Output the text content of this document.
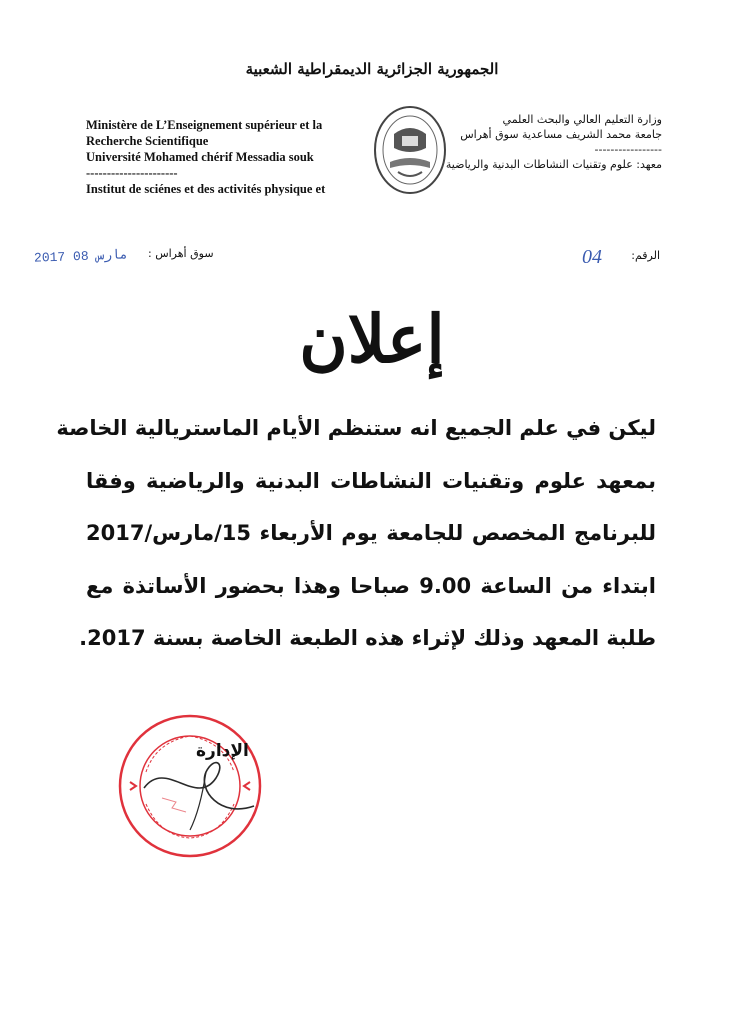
الجمهورية الجزائرية الديمقراطية الشعبية
Ministère de L’Enseignement supérieur et la
Recherche Scientifique
Université Mohamed chérif Messadia souk
----------------------
Institut de sciénes et des activités physique et
وزارة التعليم العالي والبحث العلمي
جامعة محمد الشريف مساعدية سوق أهراس
-----------------
معهد: علوم وتقنيات النشاطات البدنية والرياضية
سوق أهراس :
2017 مارس 08	الرقم:
04
إعلان
ليكن في علم الجميع انه ستنظم الأيام الماستريالية الخاصة
بمعهد علوم وتقنيات النشاطات البدنية والرياضية وفقا
للبرنامج المخصص للجامعة يوم الأربعاء 15/مارس/2017
ابتداء من الساعة 9.00 صباحا وهذا بحضور الأساتذة مع
طلبة المعهد وذلك لإثراء هذه الطبعة الخاصة بسنة 2017.
الإدارة
